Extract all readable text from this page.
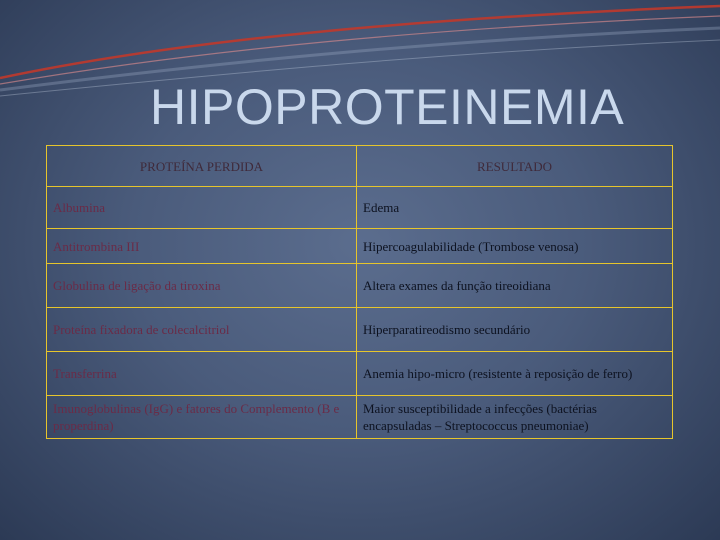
HIPOPROTEINEMIA
PROTEÍNA PERDIDA	RESULTADO
Albumina	Edema
Antitrombina III	Hipercoagulabilidade (Trombose venosa)
Globulina de ligação da tiroxina	Altera exames da função tireoidiana
Proteína fixadora de colecalcitriol	Hiperparatireodismo secundário
Transferrina	Anemia hipo-micro (resistente à reposição de ferro)
Imunoglobulinas (IgG) e fatores do Complemento (B e properdina)	Maior susceptibilidade a infecções (bactérias encapsuladas – Streptococcus pneumoniae)
